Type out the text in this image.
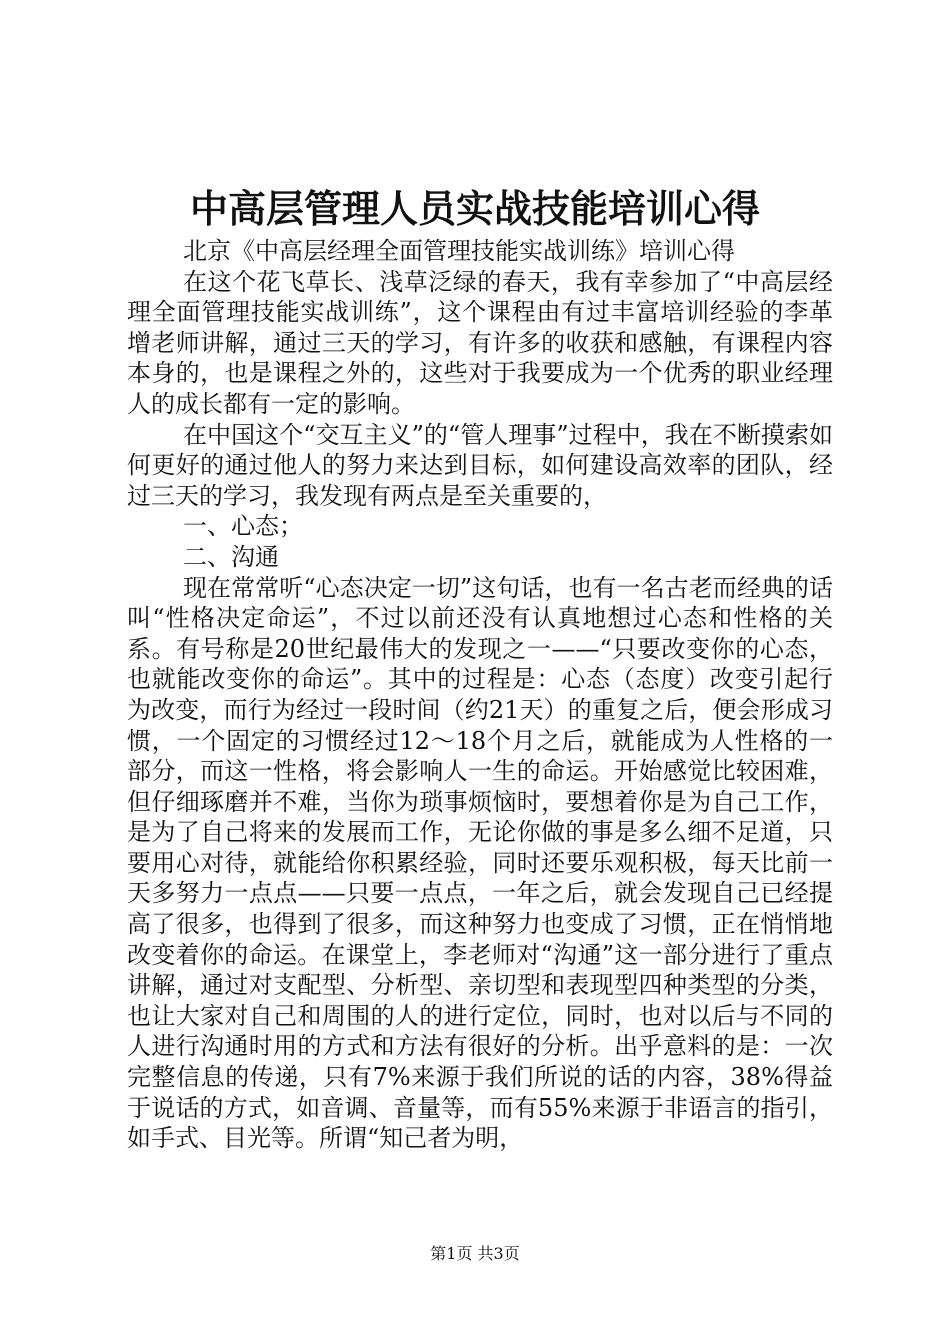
中高层管理人员实战技能培训心得

北京《中高层经理全面管理技能实战训练》培训心得

在这个花飞草长、浅草泛绿的春天，我有幸参加了“中高层经理全面管理技能实战训练”，这个课程由有过丰富培训经验的李革增老师讲解，通过三天的学习，有许多的收获和感触，有课程内容本身的，也是课程之外的，这些对于我要成为一个优秀的职业经理人的成长都有一定的影响。

在中国这个“交互主义”的“管人理事”过程中，我在不断摸索如何更好的通过他人的努力来达到目标，如何建设高效率的团队，经过三天的学习，我发现有两点是至关重要的，

一、心态；

二、沟通

现在常常听“心态决定一切”这句话，也有一名古老而经典的话叫“性格决定命运”，不过以前还没有认真地想过心态和性格的关系。有号称是20世纪最伟大的发现之一——“只要改变你的心态，也就能改变你的命运”。其中的过程是：心态（态度）改变引起行为改变，而行为经过一段时间（约21天）的重复之后，便会形成习惯，一个固定的习惯经过12～18个月之后，就能成为人性格的一部分，而这一性格，将会影响人一生的命运。开始感觉比较困难，但仔细琢磨并不难，当你为琐事烦恼时，要想着你是为自己工作，是为了自己将来的发展而工作，无论你做的事是多么细不足道，只要用心对待，就能给你积累经验，同时还要乐观积极，每天比前一天多努力一点点——只要一点点，一年之后，就会发现自己已经提高了很多，也得到了很多，而这种努力也变成了习惯，正在悄悄地改变着你的命运。在课堂上，李老师对“沟通”这一部分进行了重点讲解，通过对支配型、分析型、亲切型和表现型四种类型的分类，也让大家对自己和周围的人的进行定位，同时，也对以后与不同的人进行沟通时用的方式和方法有很好的分析。出乎意料的是：一次完整信息的传递，只有7%来源于我们所说的话的内容，38%得益于说话的方式，如音调、音量等，而有55%来源于非语言的指引，如手式、目光等。所谓“知己者为明，

第1页 共3页
